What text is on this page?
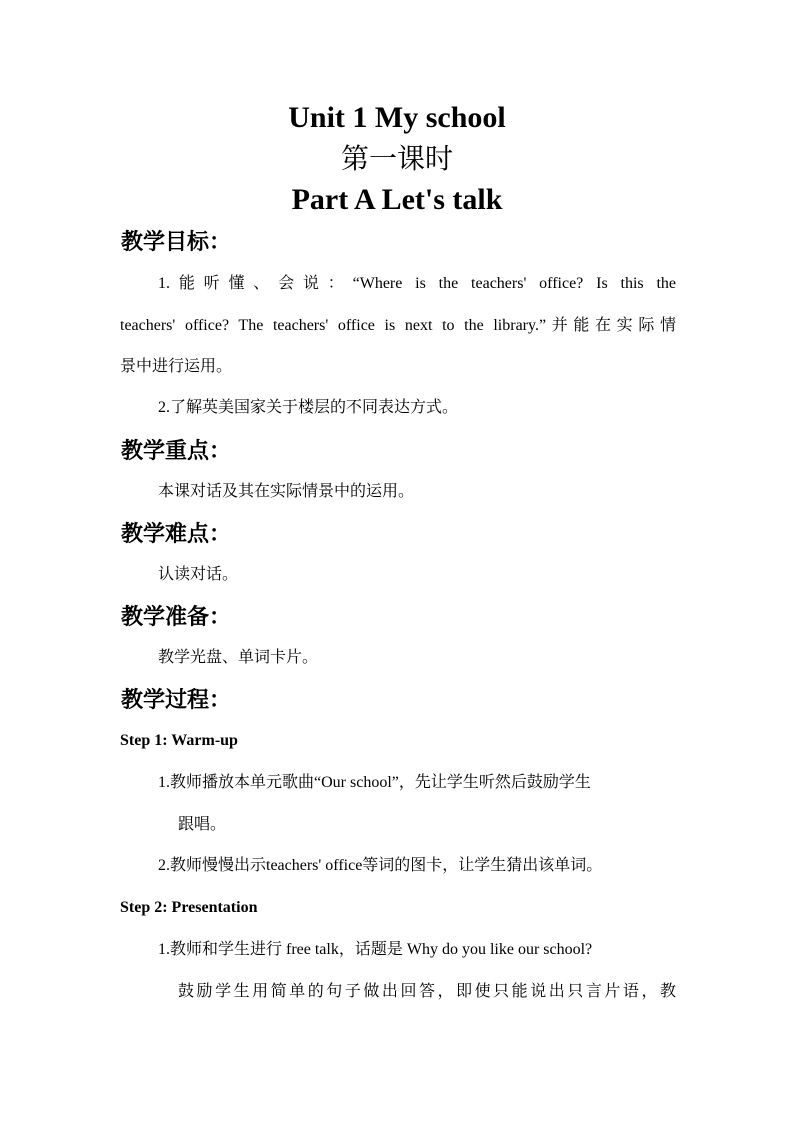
Unit 1 My school
第一课时
Part A Let's talk
教学目标：
1.能听懂、会说：“Where is the teachers' office? Is this the
teachers' office? The teachers' office is next to the library.”并能在实际情
景中进行运用。
2.了解英美国家关于楼层的不同表达方式。
教学重点：
本课对话及其在实际情景中的运用。
教学难点：
认读对话。
教学准备：
教学光盘、单词卡片。
教学过程：
Step 1: Warm-up
1.教师播放本单元歌曲“Our school”，先让学生听然后鼓励学生
跟唱。
2.教师慢慢出示teachers' office等词的图卡，让学生猜出该单词。
Step 2: Presentation
1.教师和学生进行 free talk，话题是 Why do you like our school?
鼓励学生用简单的句子做出回答，即使只能说出只言片语，教
